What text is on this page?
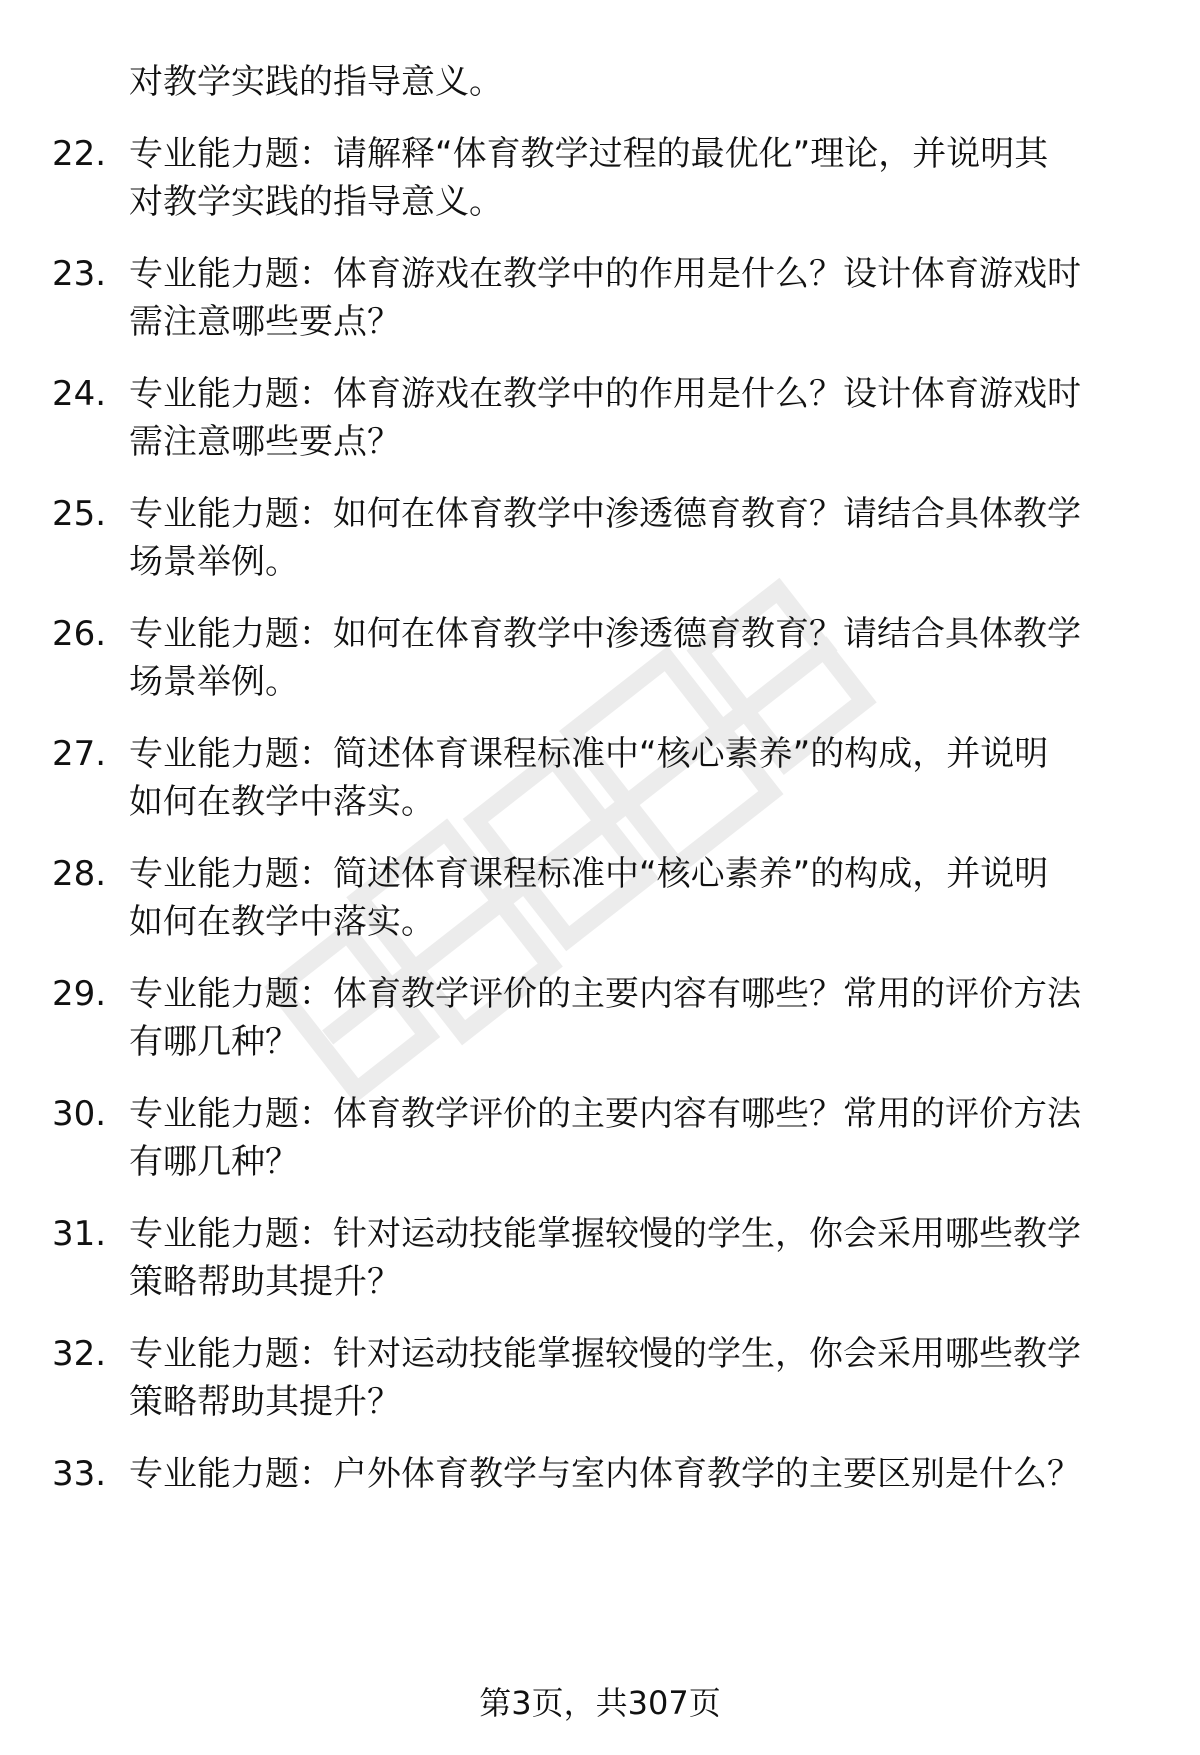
对教学实践的指导意义。

22. 专业能力题：请解释“体育教学过程的最优化”理论，并说明其
对教学实践的指导意义。
23. 专业能力题：体育游戏在教学中的作用是什么？设计体育游戏时
需注意哪些要点？
24. 专业能力题：体育游戏在教学中的作用是什么？设计体育游戏时
需注意哪些要点？
25. 专业能力题：如何在体育教学中渗透德育教育？请结合具体教学
场景举例。
26. 专业能力题：如何在体育教学中渗透德育教育？请结合具体教学
场景举例。
27. 专业能力题：简述体育课程标准中“核心素养”的构成，并说明
如何在教学中落实。
28. 专业能力题：简述体育课程标准中“核心素养”的构成，并说明
如何在教学中落实。
29. 专业能力题：体育教学评价的主要内容有哪些？常用的评价方法
有哪几种？
30. 专业能力题：体育教学评价的主要内容有哪些？常用的评价方法
有哪几种？
31. 专业能力题：针对运动技能掌握较慢的学生，你会采用哪些教学
策略帮助其提升？
32. 专业能力题：针对运动技能掌握较慢的学生，你会采用哪些教学
策略帮助其提升？
33. 专业能力题：户外体育教学与室内体育教学的主要区别是什么？
第3页，共307页
